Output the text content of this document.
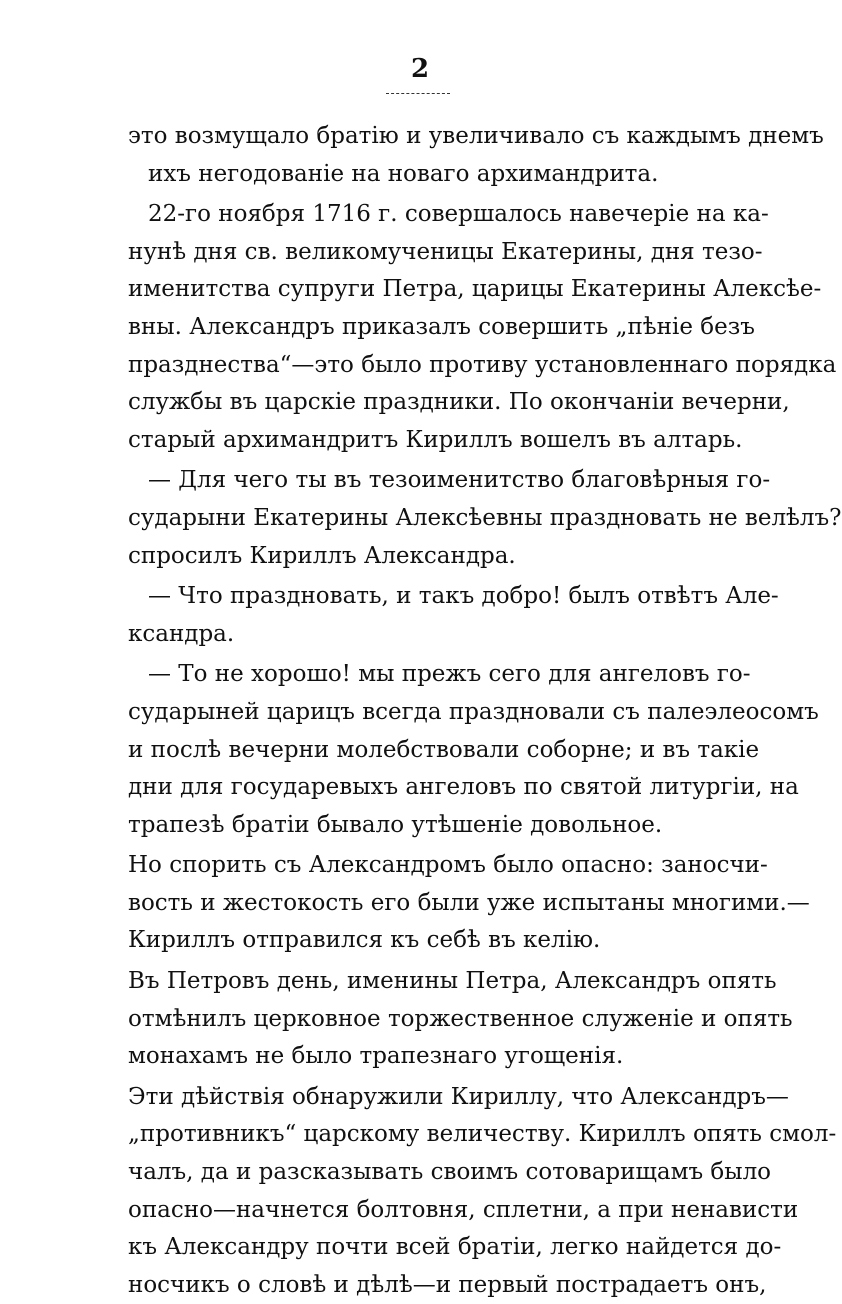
2
это возмущало братію и увеличивало съ каждымъ днемъ
ихъ негодованіе на новаго архимандрита.
22-го ноября 1716 г. совершалось навечеріе на ка-
нунѣ дня св. великомученицы Екатерины, дня тезо-
именитства супруги Петра, царицы Екатерины Алексѣе-
вны. Александръ приказалъ совершить „пѣніе безъ
празднества“—это было противу установленнаго порядка
службы въ царскіе праздники. По окончаніи вечерни,
старый архимандритъ Кириллъ вошелъ въ алтарь.
— Для чего ты въ тезоименитство благовѣрныя го-
сударыни Екатерины Алексѣевны праздновать не велѣлъ?
спросилъ Кириллъ Александра.
— Что праздновать, и такъ добро! былъ отвѣтъ Але-
ксандра.
— То не хорошо! мы прежъ сего для ангеловъ го-
сударыней царицъ всегда праздновали съ палеэлеосомъ
и послѣ вечерни молебствовали соборне; и въ такіе
дни для государевыхъ ангеловъ по святой литургіи, на
трапезѣ братіи бывало утѣшеніе довольное.
Но спорить съ Александромъ было опасно: заносчи-
вость и жестокость его были уже испытаны многими.—
Кириллъ отправился къ себѣ въ келію.
Въ Петровъ день, именины Петра, Александръ опять
отмѣнилъ церковное торжественное служеніе и опять
монахамъ не было трапезнаго угощенія.
Эти дѣйствія обнаружили Кириллу, что Александръ—
„противникъ“ царскому величеству. Кириллъ опять смол-
чалъ, да и разсказывать своимъ сотоварищамъ было
опасно—начнется болтовня, сплетни, а при ненависти
къ Александру почти всей братіи, легко найдется до-
носчикъ о словѣ и дѣлѣ—и первый пострадаетъ онъ,
